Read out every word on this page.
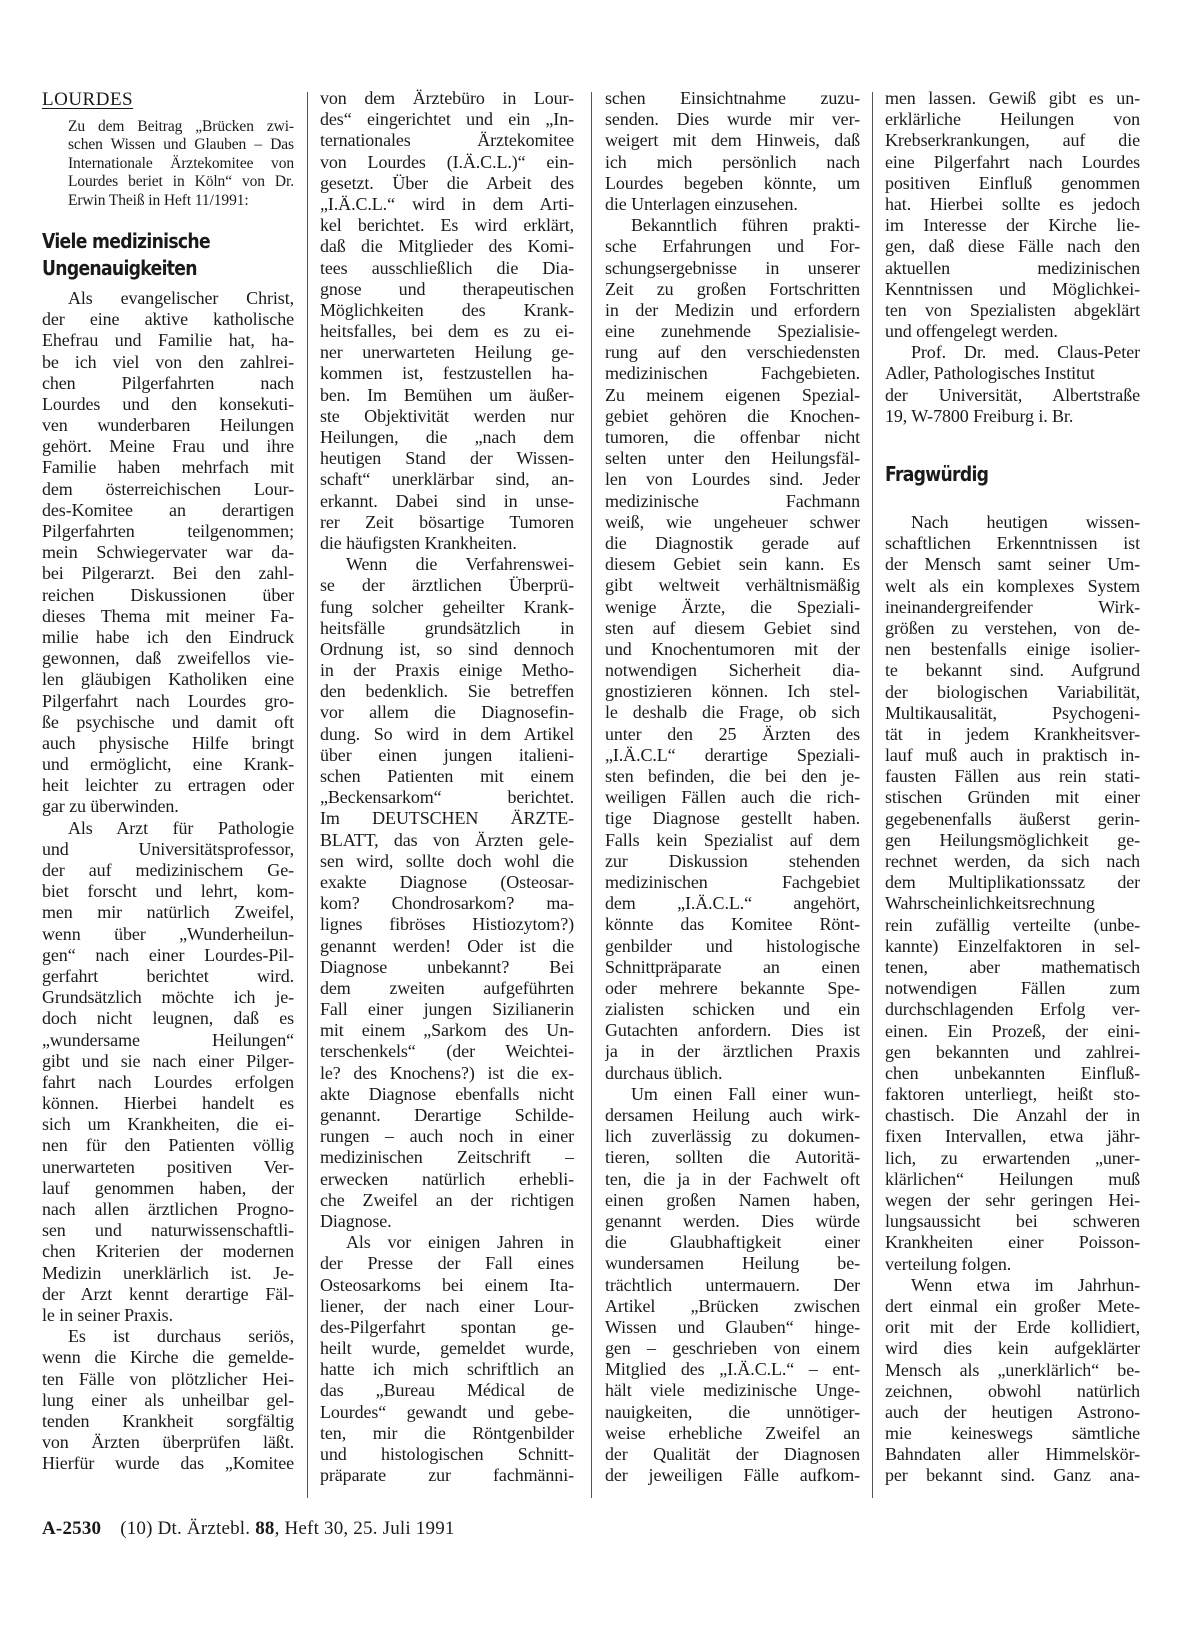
LOURDES
Zu dem Beitrag „Brücken zwi-
schen Wissen und Glauben – Das
Internationale Ärztekomitee von
Lourdes beriet in Köln“ von Dr.
Erwin Theiß in Heft 11/1991:
Viele medizinische
Ungenauigkeiten
Als evangelischer Christ,
der eine aktive katholische
Ehefrau und Familie hat, ha-
be ich viel von den zahlrei-
chen Pilgerfahrten nach
Lourdes und den konsekuti-
ven wunderbaren Heilungen
gehört. Meine Frau und ihre
Familie haben mehrfach mit
dem österreichischen Lour-
des-Komitee an derartigen
Pilgerfahrten teilgenommen;
mein Schwiegervater war da-
bei Pilgerarzt. Bei den zahl-
reichen Diskussionen über
dieses Thema mit meiner Fa-
milie habe ich den Eindruck
gewonnen, daß zweifellos vie-
len gläubigen Katholiken eine
Pilgerfahrt nach Lourdes gro-
ße psychische und damit oft
auch physische Hilfe bringt
und ermöglicht, eine Krank-
heit leichter zu ertragen oder
gar zu überwinden.
Als Arzt für Pathologie
und Universitätsprofessor,
der auf medizinischem Ge-
biet forscht und lehrt, kom-
men mir natürlich Zweifel,
wenn über „Wunderheilun-
gen“ nach einer Lourdes-Pil-
gerfahrt berichtet wird.
Grundsätzlich möchte ich je-
doch nicht leugnen, daß es
„wundersame Heilungen“
gibt und sie nach einer Pilger-
fahrt nach Lourdes erfolgen
können. Hierbei handelt es
sich um Krankheiten, die ei-
nen für den Patienten völlig
unerwarteten positiven Ver-
lauf genommen haben, der
nach allen ärztlichen Progno-
sen und naturwissenschaftli-
chen Kriterien der modernen
Medizin unerklärlich ist. Je-
der Arzt kennt derartige Fäl-
le in seiner Praxis.
Es ist durchaus seriös,
wenn die Kirche die gemelde-
ten Fälle von plötzlicher Hei-
lung einer als unheilbar gel-
tenden Krankheit sorgfältig
von Ärzten überprüfen läßt.
Hierfür wurde das „Komitee
von dem Ärztebüro in Lour-
des“ eingerichtet und ein „In-
ternationales Ärztekomitee
von Lourdes (I.Ä.C.L.)“ ein-
gesetzt. Über die Arbeit des
„I.Ä.C.L.“ wird in dem Arti-
kel berichtet. Es wird erklärt,
daß die Mitglieder des Komi-
tees ausschließlich die Dia-
gnose und therapeutischen
Möglichkeiten des Krank-
heitsfalles, bei dem es zu ei-
ner unerwarteten Heilung ge-
kommen ist, festzustellen ha-
ben. Im Bemühen um äußer-
ste Objektivität werden nur
Heilungen, die „nach dem
heutigen Stand der Wissen-
schaft“ unerklärbar sind, an-
erkannt. Dabei sind in unse-
rer Zeit bösartige Tumoren
die häufigsten Krankheiten.
Wenn die Verfahrenswei-
se der ärztlichen Überprü-
fung solcher geheilter Krank-
heitsfälle grundsätzlich in
Ordnung ist, so sind dennoch
in der Praxis einige Metho-
den bedenklich. Sie betreffen
vor allem die Diagnosefin-
dung. So wird in dem Artikel
über einen jungen italieni-
schen Patienten mit einem
„Beckensarkom“ berichtet.
Im DEUTSCHEN ÄRZTE-
BLATT, das von Ärzten gele-
sen wird, sollte doch wohl die
exakte Diagnose (Osteosar-
kom? Chondrosarkom? ma-
lignes fibröses Histiozytom?)
genannt werden! Oder ist die
Diagnose unbekannt? Bei
dem zweiten aufgeführten
Fall einer jungen Sizilianerin
mit einem „Sarkom des Un-
terschenkels“ (der Weichtei-
le? des Knochens?) ist die ex-
akte Diagnose ebenfalls nicht
genannt. Derartige Schilde-
rungen – auch noch in einer
medizinischen Zeitschrift –
erwecken natürlich erhebli-
che Zweifel an der richtigen
Diagnose.
Als vor einigen Jahren in
der Presse der Fall eines
Osteosarkoms bei einem Ita-
liener, der nach einer Lour-
des-Pilgerfahrt spontan ge-
heilt wurde, gemeldet wurde,
hatte ich mich schriftlich an
das „Bureau Médical de
Lourdes“ gewandt und gebe-
ten, mir die Röntgenbilder
und histologischen Schnitt-
präparate zur fachmänni-
schen Einsichtnahme zuzu-
senden. Dies wurde mir ver-
weigert mit dem Hinweis, daß
ich mich persönlich nach
Lourdes begeben könnte, um
die Unterlagen einzusehen.
Bekanntlich führen prakti-
sche Erfahrungen und For-
schungsergebnisse in unserer
Zeit zu großen Fortschritten
in der Medizin und erfordern
eine zunehmende Spezialisie-
rung auf den verschiedensten
medizinischen Fachgebieten.
Zu meinem eigenen Spezial-
gebiet gehören die Knochen-
tumoren, die offenbar nicht
selten unter den Heilungsfäl-
len von Lourdes sind. Jeder
medizinische Fachmann
weiß, wie ungeheuer schwer
die Diagnostik gerade auf
diesem Gebiet sein kann. Es
gibt weltweit verhältnismäßig
wenige Ärzte, die Speziali-
sten auf diesem Gebiet sind
und Knochentumoren mit der
notwendigen Sicherheit dia-
gnostizieren können. Ich stel-
le deshalb die Frage, ob sich
unter den 25 Ärzten des
„I.Ä.C.L“ derartige Speziali-
sten befinden, die bei den je-
weiligen Fällen auch die rich-
tige Diagnose gestellt haben.
Falls kein Spezialist auf dem
zur Diskussion stehenden
medizinischen Fachgebiet
dem „I.Ä.C.L.“ angehört,
könnte das Komitee Rönt-
genbilder und histologische
Schnittpräparate an einen
oder mehrere bekannte Spe-
zialisten schicken und ein
Gutachten anfordern. Dies ist
ja in der ärztlichen Praxis
durchaus üblich.
Um einen Fall einer wun-
dersamen Heilung auch wirk-
lich zuverlässig zu dokumen-
tieren, sollten die Autoritä-
ten, die ja in der Fachwelt oft
einen großen Namen haben,
genannt werden. Dies würde
die Glaubhaftigkeit einer
wundersamen Heilung be-
trächtlich untermauern. Der
Artikel „Brücken zwischen
Wissen und Glauben“ hinge-
gen – geschrieben von einem
Mitglied des „I.Ä.C.L.“ – ent-
hält viele medizinische Unge-
nauigkeiten, die unnötiger-
weise erhebliche Zweifel an
der Qualität der Diagnosen
der jeweiligen Fälle aufkom-
men lassen. Gewiß gibt es un-
erklärliche Heilungen von
Krebserkrankungen, auf die
eine Pilgerfahrt nach Lourdes
positiven Einfluß genommen
hat. Hierbei sollte es jedoch
im Interesse der Kirche lie-
gen, daß diese Fälle nach den
aktuellen medizinischen
Kenntnissen und Möglichkei-
ten von Spezialisten abgeklärt
und offengelegt werden.
Prof. Dr. med. Claus-Peter
Adler, Pathologisches Institut
der Universität, Albertstraße
19, W-7800 Freiburg i. Br.
Fragwürdig
Nach heutigen wissen-
schaftlichen Erkenntnissen ist
der Mensch samt seiner Um-
welt als ein komplexes System
ineinandergreifender Wirk-
größen zu verstehen, von de-
nen bestenfalls einige isolier-
te bekannt sind. Aufgrund
der biologischen Variabilität,
Multikausalität, Psychogeni-
tät in jedem Krankheitsver-
lauf muß auch in praktisch in-
fausten Fällen aus rein stati-
stischen Gründen mit einer
gegebenenfalls äußerst gerin-
gen Heilungsmöglichkeit ge-
rechnet werden, da sich nach
dem Multiplikationssatz der
Wahrscheinlichkeitsrechnung
rein zufällig verteilte (unbe-
kannte) Einzelfaktoren in sel-
tenen, aber mathematisch
notwendigen Fällen zum
durchschlagenden Erfolg ver-
einen. Ein Prozeß, der eini-
gen bekannten und zahlrei-
chen unbekannten Einfluß-
faktoren unterliegt, heißt sto-
chastisch. Die Anzahl der in
fixen Intervallen, etwa jähr-
lich, zu erwartenden „uner-
klärlichen“ Heilungen muß
wegen der sehr geringen Hei-
lungsaussicht bei schweren
Krankheiten einer Poisson-
verteilung folgen.
Wenn etwa im Jahrhun-
dert einmal ein großer Mete-
orit mit der Erde kollidiert,
wird dies kein aufgeklärter
Mensch als „unerklärlich“ be-
zeichnen, obwohl natürlich
auch der heutigen Astrono-
mie keineswegs sämtliche
Bahndaten aller Himmelskör-
per bekannt sind. Ganz ana-
A-2530 (10) Dt. Ärztebl. 88, Heft 30, 25. Juli 1991
